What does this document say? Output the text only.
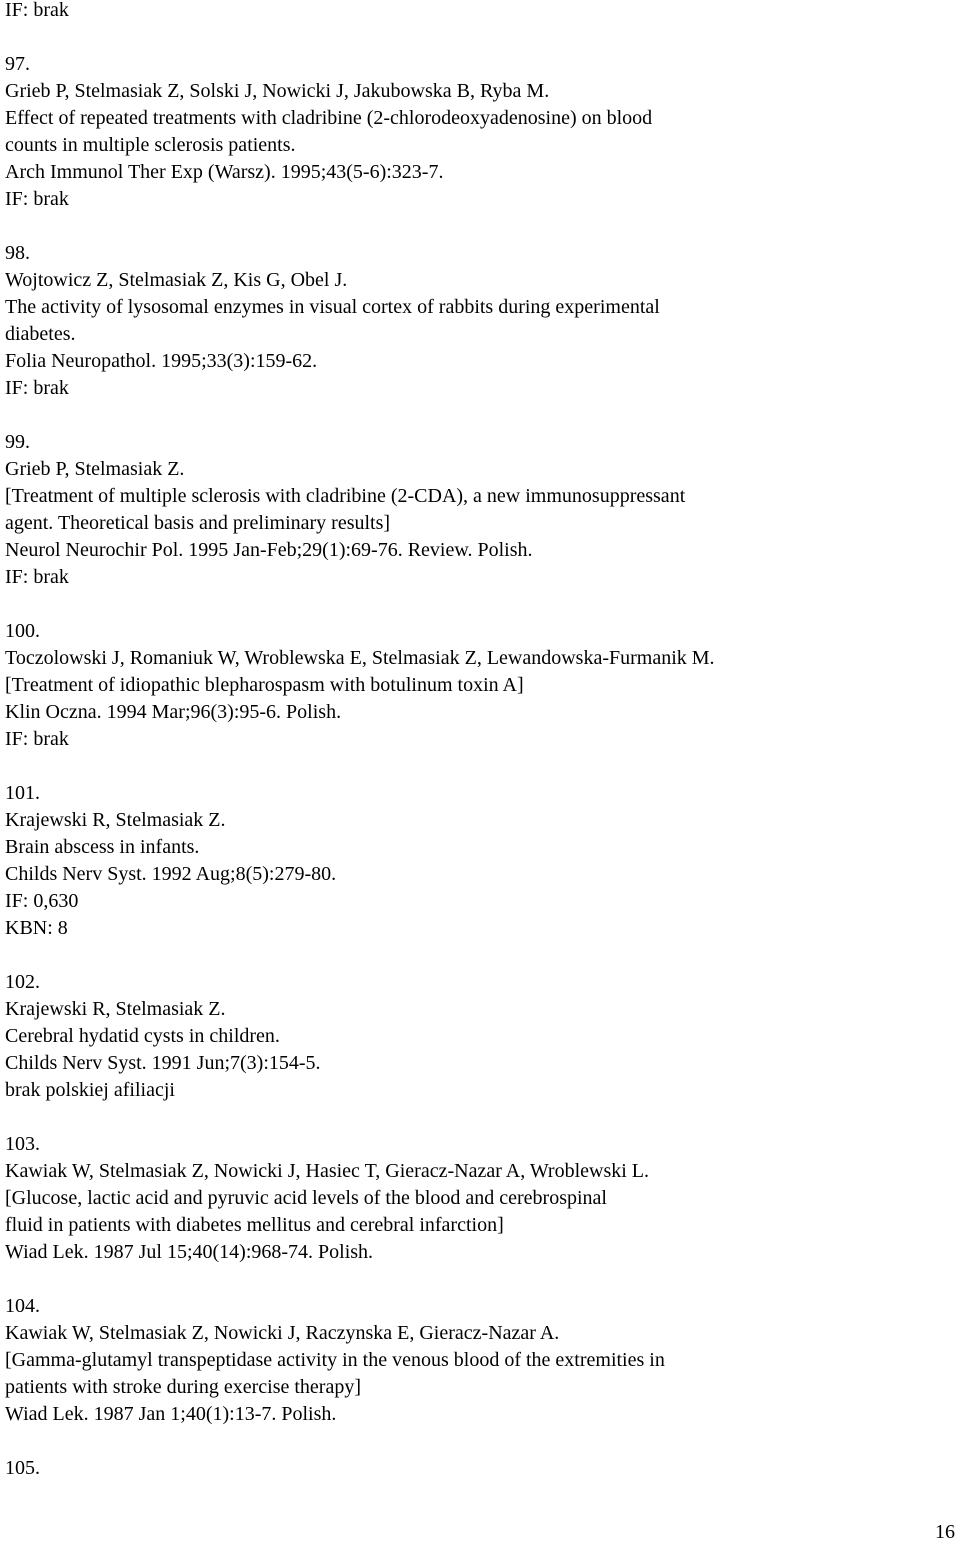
IF: brak
97.
Grieb P, Stelmasiak Z, Solski J, Nowicki J, Jakubowska B, Ryba M.
Effect of repeated treatments with cladribine (2-chlorodeoxyadenosine) on blood
counts in multiple sclerosis patients.
Arch Immunol Ther Exp (Warsz). 1995;43(5-6):323-7.
IF: brak
98.
Wojtowicz Z, Stelmasiak Z, Kis G, Obel J.
The activity of lysosomal enzymes in visual cortex of rabbits during experimental
diabetes.
Folia Neuropathol. 1995;33(3):159-62.
IF: brak
99.
Grieb P, Stelmasiak Z.
[Treatment of multiple sclerosis with cladribine (2-CDA), a new immunosuppressant
agent. Theoretical basis and preliminary results]
Neurol Neurochir Pol. 1995 Jan-Feb;29(1):69-76. Review. Polish.
IF: brak
100.
Toczolowski J, Romaniuk W, Wroblewska E, Stelmasiak Z, Lewandowska-Furmanik M.
[Treatment of idiopathic blepharospasm with botulinum toxin A]
Klin Oczna. 1994 Mar;96(3):95-6. Polish.
IF: brak
101.
Krajewski R, Stelmasiak Z.
Brain abscess in infants.
Childs Nerv Syst. 1992 Aug;8(5):279-80.
IF: 0,630
KBN: 8
102.
Krajewski R, Stelmasiak Z.
Cerebral hydatid cysts in children.
Childs Nerv Syst. 1991 Jun;7(3):154-5.
brak polskiej afiliacji
103.
Kawiak W, Stelmasiak Z, Nowicki J, Hasiec T, Gieracz-Nazar A, Wroblewski L.
[Glucose, lactic acid and pyruvic acid levels of the blood and cerebrospinal
fluid in patients with diabetes mellitus and cerebral infarction]
Wiad Lek. 1987 Jul 15;40(14):968-74. Polish.
104.
Kawiak W, Stelmasiak Z, Nowicki J, Raczynska E, Gieracz-Nazar A.
[Gamma-glutamyl transpeptidase activity in the venous blood of the extremities in
patients with stroke during exercise therapy]
Wiad Lek. 1987 Jan 1;40(1):13-7. Polish.
105.
16
